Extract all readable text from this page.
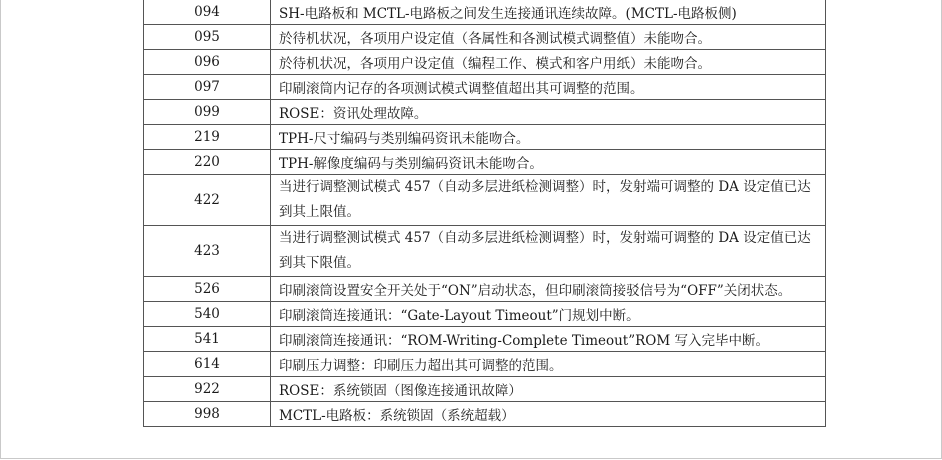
094	SH-电路板和 MCTL-电路板之间发生连接通讯连续故障。(MCTL-电路板侧)
095	於待机状况，各项用户设定值（各属性和各测试模式调整值）未能吻合。
096	於待机状况，各项用户设定值（编程工作、模式和客户用纸）未能吻合。
097	印刷滚筒内记存的各项测试模式调整值超出其可调整的范围。
099	ROSE：资讯处理故障。
219	TPH-尺寸编码与类别编码资讯未能吻合。
220	TPH-解像度编码与类别编码资讯未能吻合。
422	当进行调整测试模式 457（自动多层进纸检测调整）时，发射端可调整的 DA 设定值已达到其上限值。
423	当进行调整测试模式 457（自动多层进纸检测调整）时，发射端可调整的 DA 设定值已达到其下限值。
526	印刷滚筒设置安全开关处于“ON”启动状态，但印刷滚筒接驳信号为“OFF”关闭状态。
540	印刷滚筒连接通讯：“Gate-Layout Timeout”门规划中断。
541	印刷滚筒连接通讯：“ROM-Writing-Complete Timeout”ROM 写入完毕中断。
614	印刷压力调整：印刷压力超出其可调整的范围。
922	ROSE：系统锁固（图像连接通讯故障）
998	MCTL-电路板：系统锁固（系统超载）
